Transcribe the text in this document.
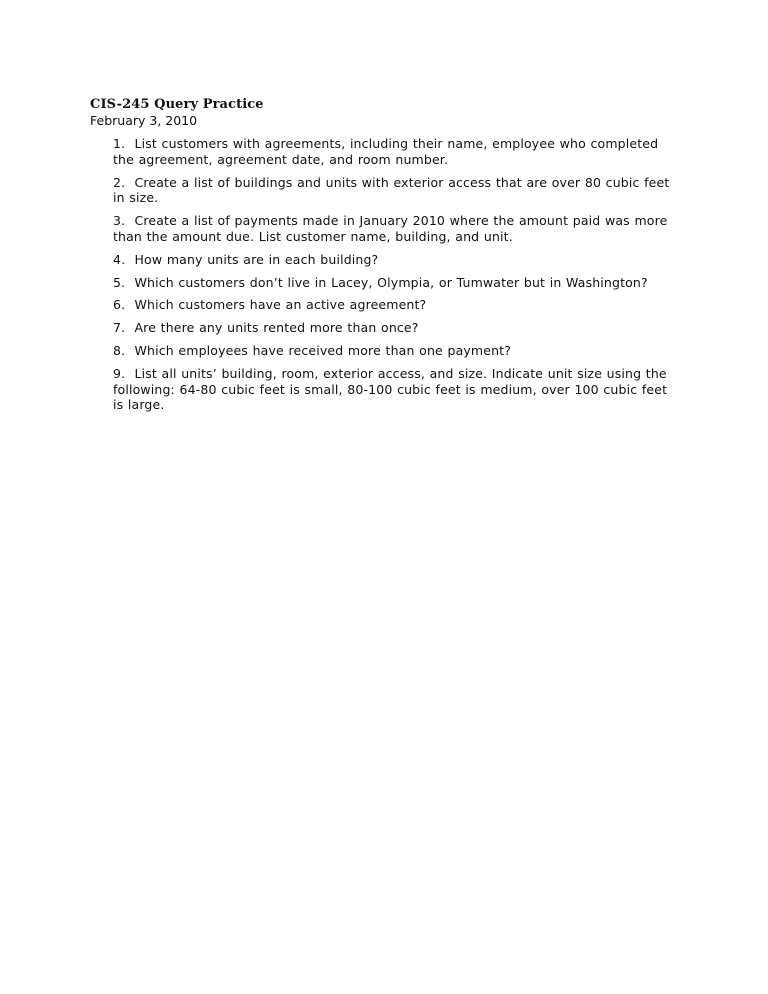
CIS-245 Query Practice

February 3, 2010

1. List customers with agreements, including their name, employee who completed the agreement, agreement date, and room number.
2. Create a list of buildings and units with exterior access that are over 80 cubic feet in size.
3. Create a list of payments made in January 2010 where the amount paid was more than the amount due. List customer name, building, and unit.
4. How many units are in each building?
5. Which customers don’t live in Lacey, Olympia, or Tumwater but in Washington?
6. Which customers have an active agreement?
7. Are there any units rented more than once?
8. Which employees have received more than one payment?
9. List all units’ building, room, exterior access, and size. Indicate unit size using the following: 64-80 cubic feet is small, 80-100 cubic feet is medium, over 100 cubic feet is large.
